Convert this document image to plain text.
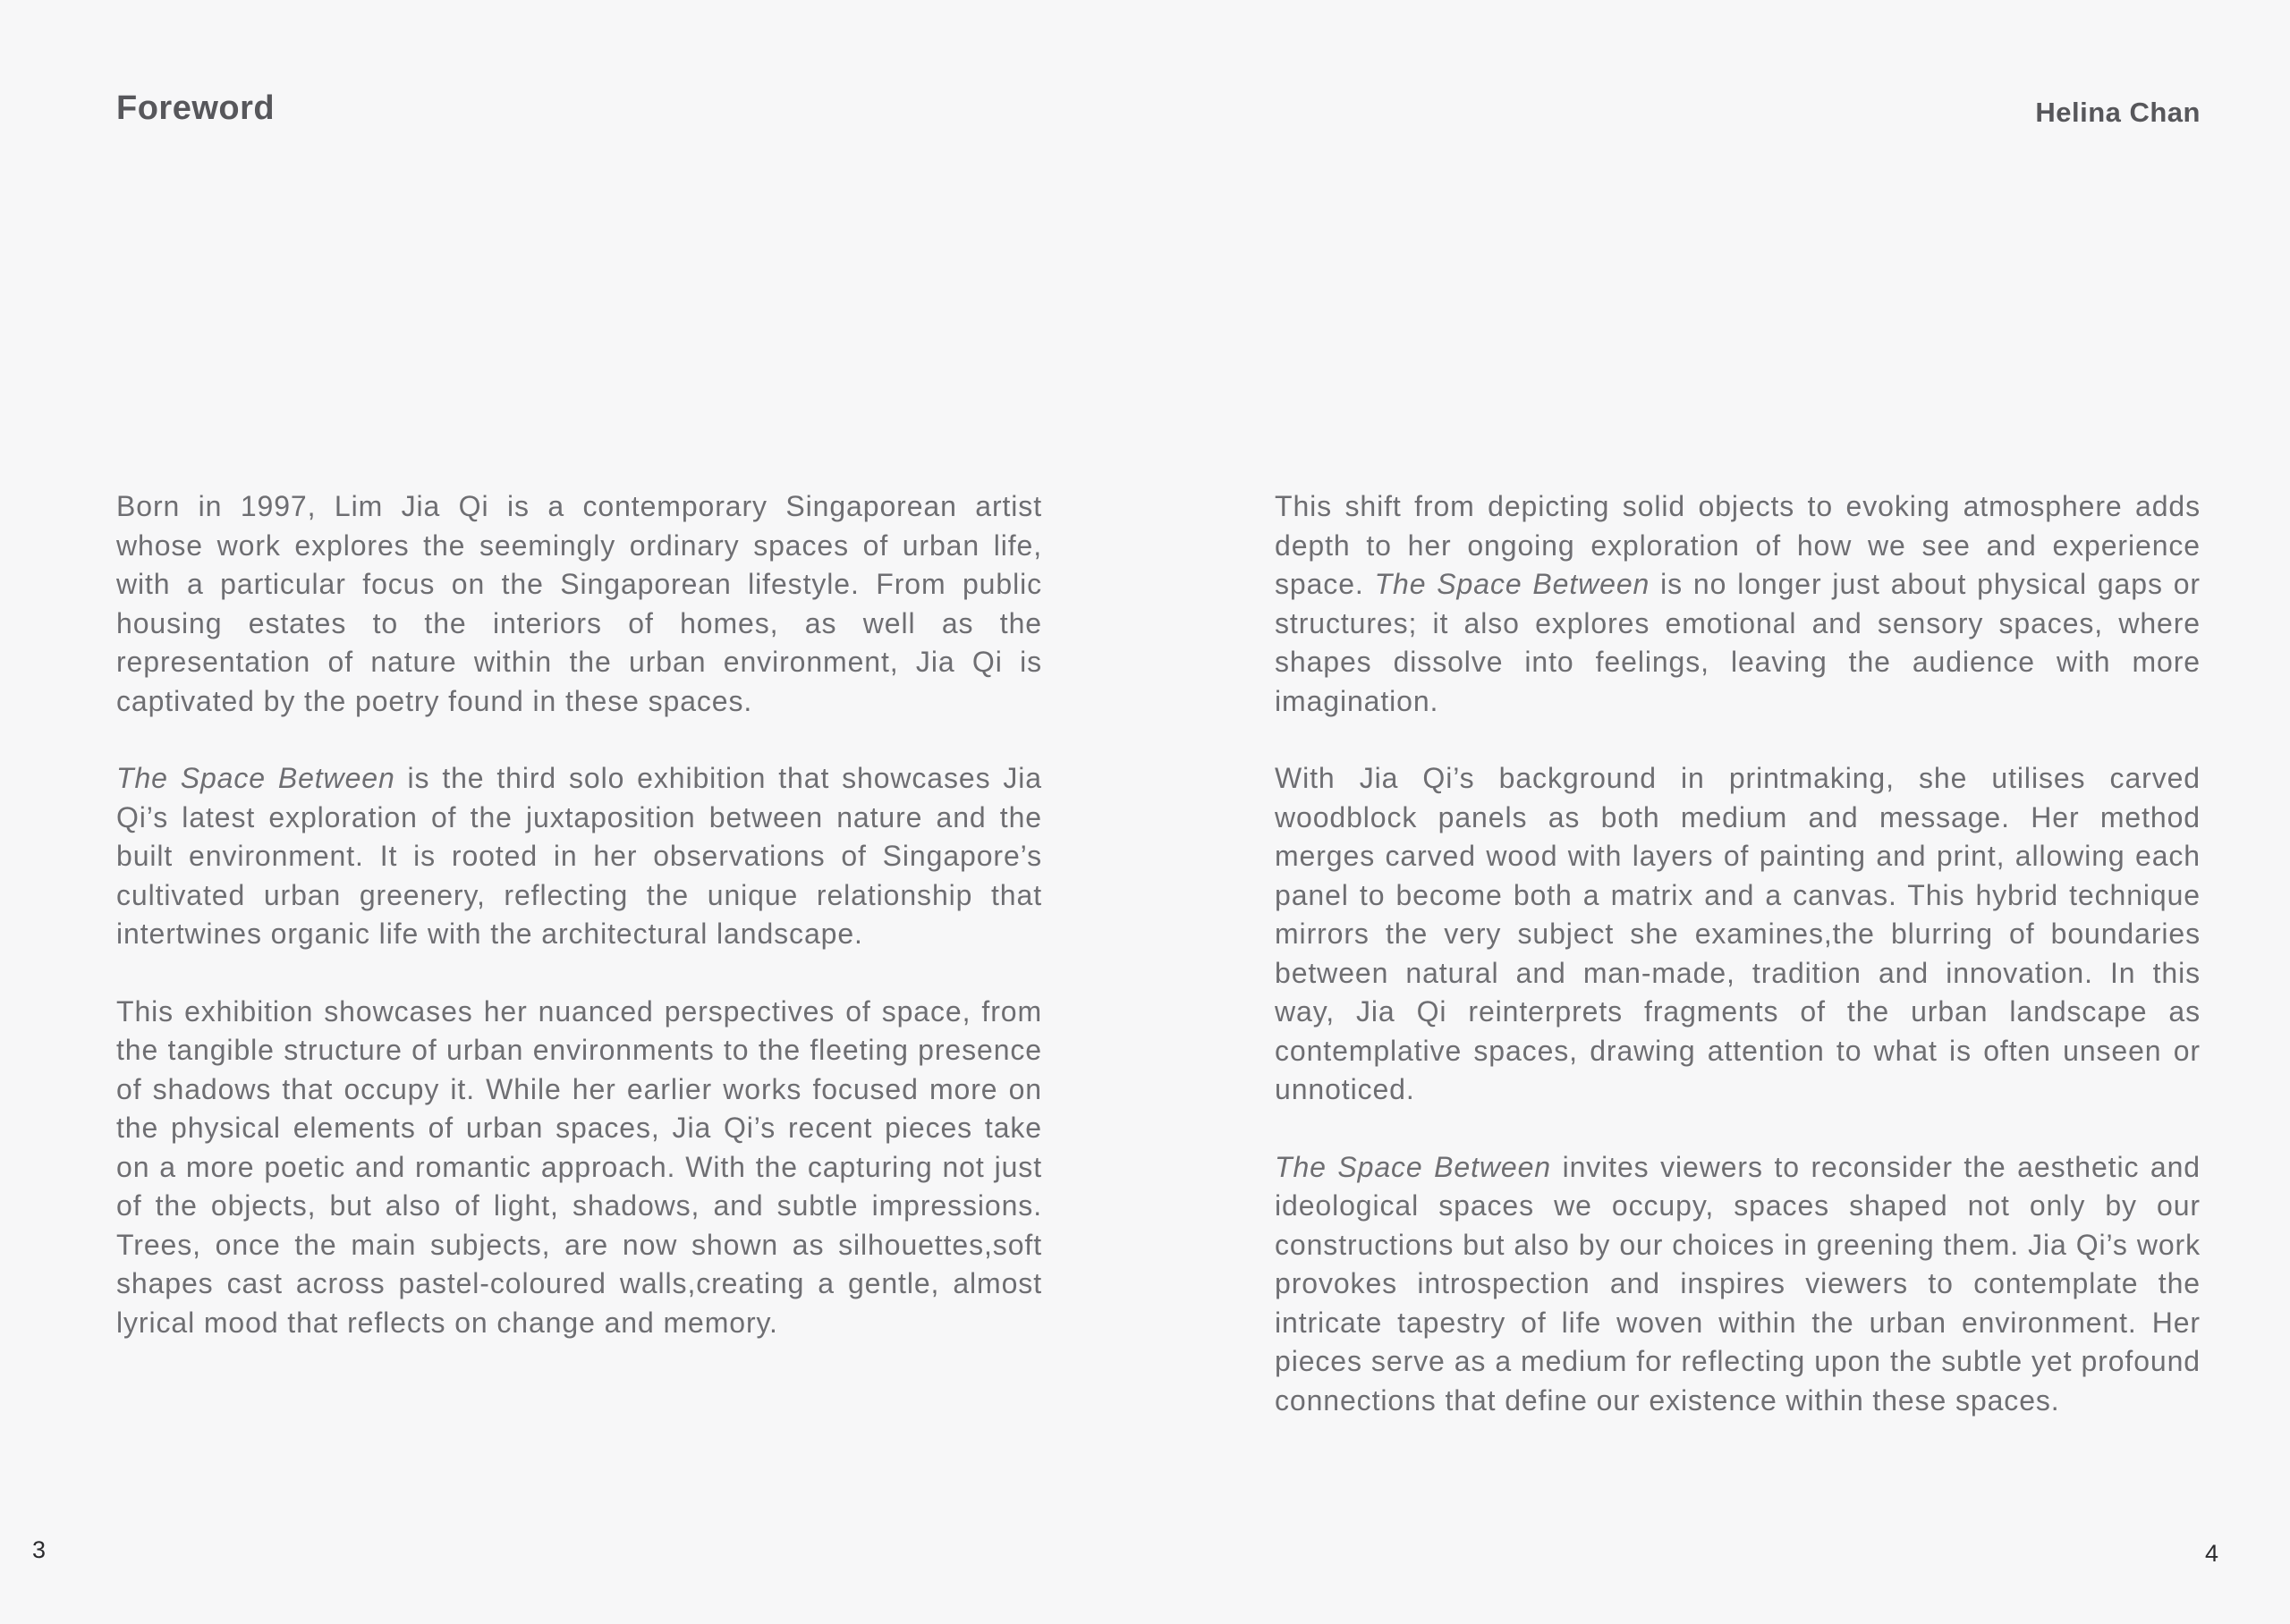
Foreword	Helina Chan

Born in 1997, Lim Jia Qi is a contemporary Singaporean artist whose work explores the seemingly ordinary spaces of urban life, with a particular focus on the Singaporean lifestyle. From public housing estates to the interiors of homes, as well as the representation of nature within the urban environment, Jia Qi is captivated by the poetry found in these spaces.

The Space Between is the third solo exhibition that showcases Jia Qi’s latest exploration of the juxtaposition between nature and the built environment. It is rooted in her observations of Singapore’s cultivated urban greenery, reflecting the unique relationship that intertwines organic life with the architectural landscape.

This exhibition showcases her nuanced perspectives of space, from the tangible structure of urban environments to the fleeting presence of shadows that occupy it. While her earlier works focused more on the physical elements of urban spaces, Jia Qi’s recent pieces take on a more poetic and romantic approach. With the capturing not just of the objects, but also of light, shadows, and subtle impressions. Trees, once the main subjects, are now shown as silhouettes,soft shapes cast across pastel-coloured walls,creating a gentle, almost lyrical mood that reflects on change and memory.

This shift from depicting solid objects to evoking atmosphere adds depth to her ongoing exploration of how we see and experience space. The Space Between is no longer just about physical gaps or structures; it also explores emotional and sensory spaces, where shapes dissolve into feelings, leaving the audience with more imagination.

With Jia Qi’s background in printmaking, she utilises carved woodblock panels as both medium and message. Her method merges carved wood with layers of painting and print, allowing each panel to become both a matrix and a canvas. This hybrid technique mirrors the very subject she examines,the blurring of boundaries between natural and man-made, tradition and innovation. In this way, Jia Qi reinterprets fragments of the urban landscape as contemplative spaces, drawing attention to what is often unseen or unnoticed.

The Space Between invites viewers to reconsider the aesthetic and ideological spaces we occupy, spaces shaped not only by our constructions but also by our choices in greening them. Jia Qi’s work provokes introspection and inspires viewers to contemplate the intricate tapestry of life woven within the urban environment. Her pieces serve as a medium for reflecting upon the subtle yet profound connections that define our existence within these spaces.

3	4
